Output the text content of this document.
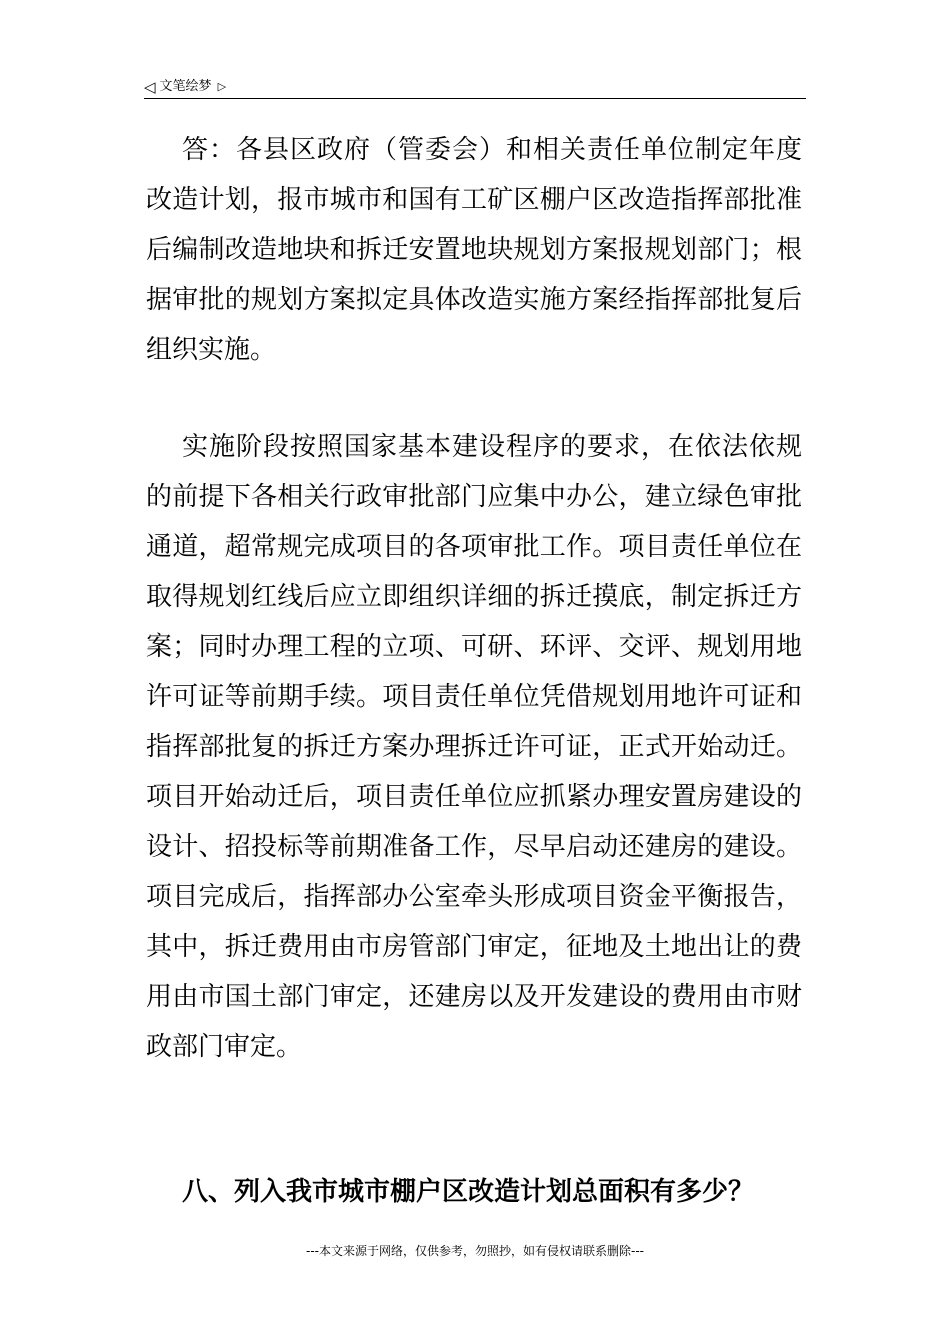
◁ 文笔绘梦 ▷

答：各县区政府（管委会）和相关责任单位制定年度改造计划，报市城市和国有工矿区棚户区改造指挥部批准后编制改造地块和拆迁安置地块规划方案报规划部门；根据审批的规划方案拟定具体改造实施方案经指挥部批复后组织实施。

实施阶段按照国家基本建设程序的要求，在依法依规的前提下各相关行政审批部门应集中办公，建立绿色审批通道，超常规完成项目的各项审批工作。项目责任单位在取得规划红线后应立即组织详细的拆迁摸底，制定拆迁方案；同时办理工程的立项、可研、环评、交评、规划用地许可证等前期手续。项目责任单位凭借规划用地许可证和指挥部批复的拆迁方案办理拆迁许可证，正式开始动迁。项目开始动迁后，项目责任单位应抓紧办理安置房建设的设计、招投标等前期准备工作，尽早启动还建房的建设。项目完成后，指挥部办公室牵头形成项目资金平衡报告，其中，拆迁费用由市房管部门审定，征地及土地出让的费用由市国土部门审定，还建房以及开发建设的费用由市财政部门审定。

八、列入我市城市棚户区改造计划总面积有多少？

---本文来源于网络，仅供参考，勿照抄，如有侵权请联系删除---
